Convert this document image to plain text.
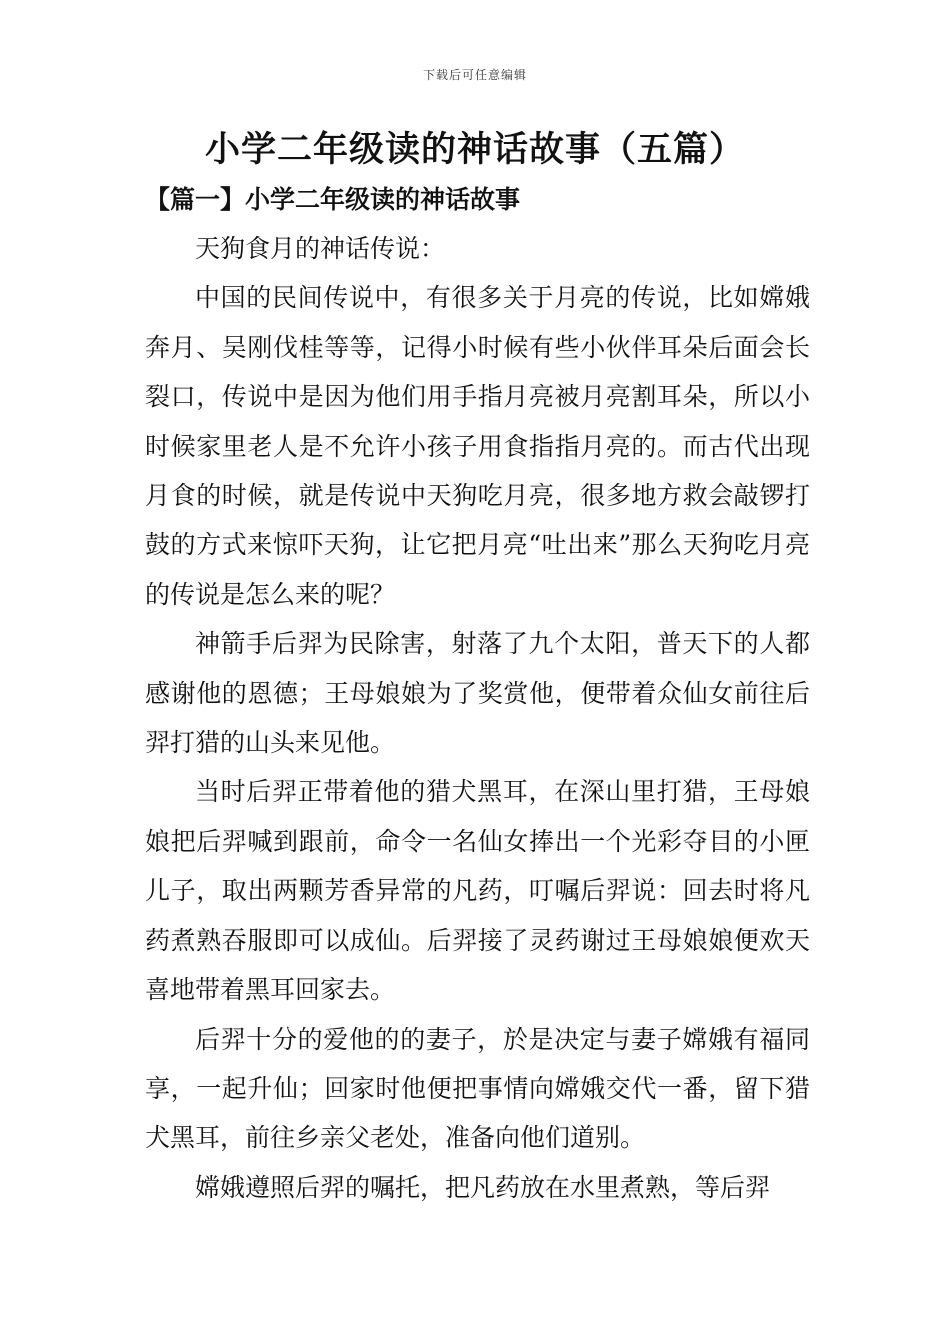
下载后可任意编辑
小学二年级读的神话故事（五篇）
【篇一】小学二年级读的神话故事

天狗食月的神话传说：

中国的民间传说中，有很多关于月亮的传说，比如嫦娥奔月、吴刚伐桂等等，记得小时候有些小伙伴耳朵后面会长裂口，传说中是因为他们用手指月亮被月亮割耳朵，所以小时候家里老人是不允许小孩子用食指指月亮的。而古代出现月食的时候，就是传说中天狗吃月亮，很多地方救会敲锣打鼓的方式来惊吓天狗，让它把月亮“吐出来”那么天狗吃月亮的传说是怎么来的呢？

神箭手后羿为民除害，射落了九个太阳，普天下的人都感谢他的恩德；王母娘娘为了奖赏他，便带着众仙女前往后羿打猎的山头来见他。

当时后羿正带着他的猎犬黑耳，在深山里打猎，王母娘娘把后羿喊到跟前，命令一名仙女捧出一个光彩夺目的小匣儿子，取出两颗芳香异常的凡药，叮嘱后羿说：回去时将凡药煮熟吞服即可以成仙。后羿接了灵药谢过王母娘娘便欢天喜地带着黑耳回家去。

后羿十分的爱他的的妻子，於是决定与妻子嫦娥有福同享，一起升仙；回家时他便把事情向嫦娥交代一番，留下猎犬黑耳，前往乡亲父老处，准备向他们道别。

嫦娥遵照后羿的嘱托，把凡药放在水里煮熟，等后羿
